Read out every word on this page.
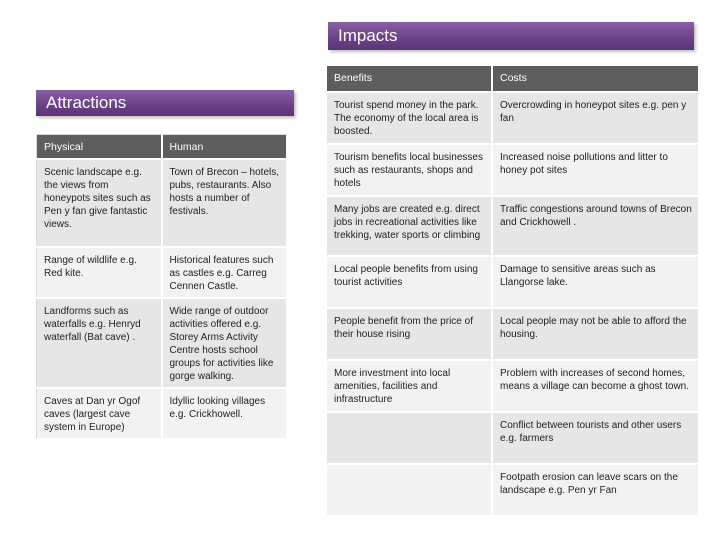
Impacts
Benefits	Costs
Tourist spend money in the park. The economy of the local area is boosted.	Overcrowding in honeypot sites e.g. pen y fan
Tourism benefits local businesses such as restaurants, shops and hotels	Increased noise pollutions and litter to honey pot sites
Many jobs are created e.g. direct jobs in recreational activities like trekking, water sports or climbing	Traffic congestions around towns of Brecon and Crickhowell .
Local people benefits from using tourist activities	Damage to sensitive areas such as Llangorse lake.
People benefit from the price of their house rising	Local people may not be able to afford the housing.
More investment into local amenities, facilities and infrastructure	Problem with increases of second homes, means a village can become a ghost town.
	Conflict between tourists and other users e.g. farmers
	Footpath erosion can leave scars on the landscape e.g. Pen yr Fan
Attractions
Physical	Human
Scenic landscape e.g. the views from honeypots sites such as Pen y fan give fantastic views.	Town of Brecon – hotels, pubs, restaurants. Also hosts a number of festivals.
Range of wildlife e.g. Red kite.	Historical features such as castles e.g. Carreg Cennen Castle.
Landforms such as waterfalls e.g. Henryd waterfall (Bat cave) .	Wide range of outdoor activities offered e.g. Storey Arms Activity Centre hosts school groups for activities like gorge walking.
Caves at Dan yr Ogof caves (largest cave system in Europe)	Idyllic looking villages e.g. Crickhowell.
